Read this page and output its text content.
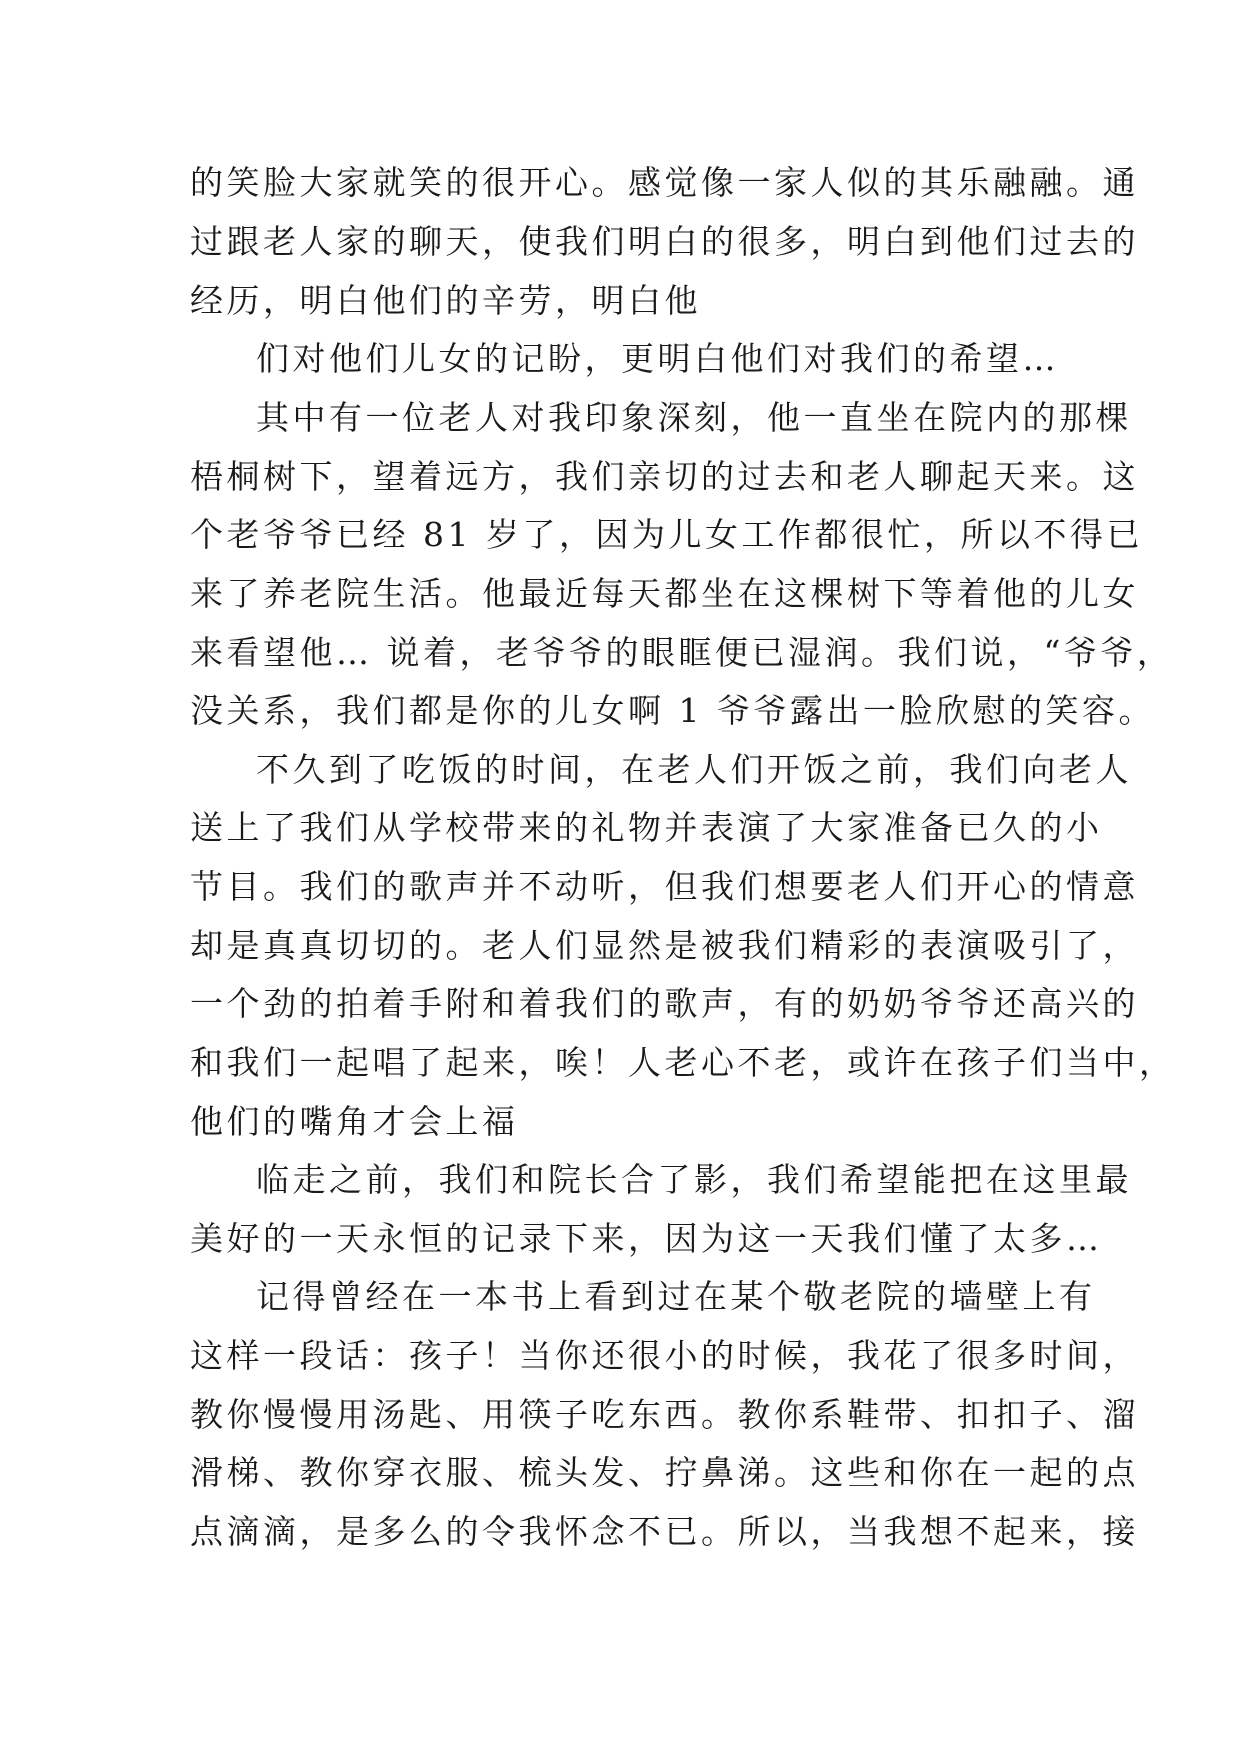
的笑脸大家就笑的很开心。感觉像一家人似的其乐融融。通
过跟老人家的聊天，使我们明白的很多，明白到他们过去的
经历，明白他们的辛劳，明白他
们对他们儿女的记盼，更明白他们对我们的希望…
其中有一位老人对我印象深刻，他一直坐在院内的那棵
梧桐树下，望着远方，我们亲切的过去和老人聊起天来。这
个老爷爷已经 81 岁了，因为儿女工作都很忙，所以不得已
来了养老院生活。他最近每天都坐在这棵树下等着他的儿女
来看望他… 说着，老爷爷的眼眶便已湿润。我们说，“爷爷，
没关系，我们都是你的儿女啊 1 爷爷露出一脸欣慰的笑容。
不久到了吃饭的时间，在老人们开饭之前，我们向老人
送上了我们从学校带来的礼物并表演了大家准备已久的小
节目。我们的歌声并不动听，但我们想要老人们开心的情意
却是真真切切的。老人们显然是被我们精彩的表演吸引了，
一个劲的拍着手附和着我们的歌声，有的奶奶爷爷还高兴的
和我们一起唱了起来，唉！人老心不老，或许在孩子们当中，
他们的嘴角才会上福
临走之前，我们和院长合了影，我们希望能把在这里最
美好的一天永恒的记录下来，因为这一天我们懂了太多…
记得曾经在一本书上看到过在某个敬老院的墙壁上有
这样一段话：孩子！当你还很小的时候，我花了很多时间，
教你慢慢用汤匙、用筷子吃东西。教你系鞋带、扣扣子、溜
滑梯、教你穿衣服、梳头发、拧鼻涕。这些和你在一起的点
点滴滴，是多么的令我怀念不已。所以，当我想不起来，接
